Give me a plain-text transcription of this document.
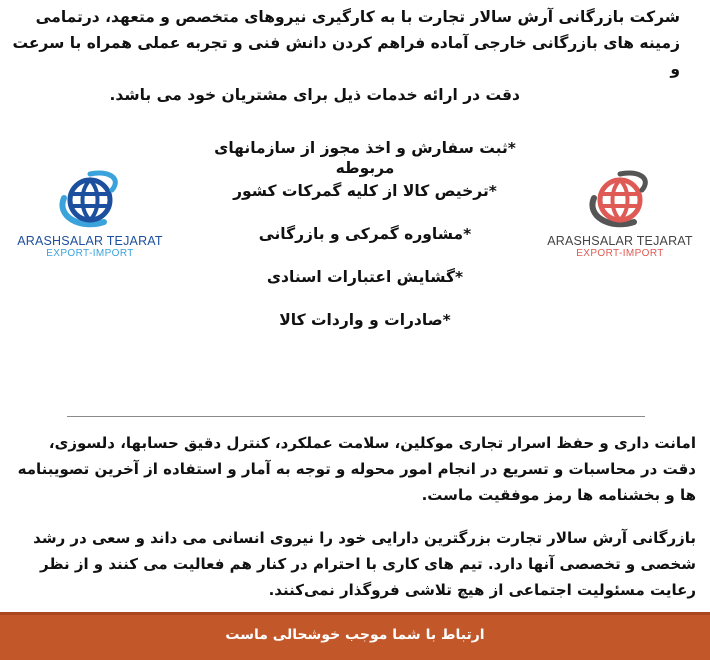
شرکت بازرگانی آرش سالار تجارت با به کارگیری نیروهای متخصص و متعهد، درتمامی

زمینه های بازرگانی خارجی آماده فراهم کردن دانش فنی و تجربه عملی همراه با سرعت و

دقت در ارائه خدمات ذیل برای مشتریان خود می باشد.

*ثبت سفارش و اخذ مجوز از سازمانهای مربوطه
*ترخیص کالا از کلیه گمرکات کشور
*مشاوره گمرکی و بازرگانی
*گشایش اعتبارات اسنادی
*صادرات و واردات کالا
ARASHSALAR TEJARAT
EXPORT-IMPORT
ARASHSALAR TEJARAT
EXPORT-IMPORT

امانت داری و حفظ اسرار تجاری موکلین، سلامت عملکرد، کنترل دقیق حسابها، دلسوزی، دقت در محاسبات و تسریع در انجام امور محوله و توجه به آمار و استفاده از آخرین تصویبنامه ها و بخشنامه ها رمز موفقیت ماست.

بازرگانی آرش سالار تجارت بزرگترین دارایی خود را نیروی انسانی می داند و سعی در رشد شخصی و تخصصی آنها دارد. تیم های کاری با احترام در کنار هم فعالیت می کنند و از نظر رعایت مسئولیت اجتماعی از هیچ تلاشی فروگذار نمی‌کنند.

ارتباط با شما موجب خوشحالی ماست
